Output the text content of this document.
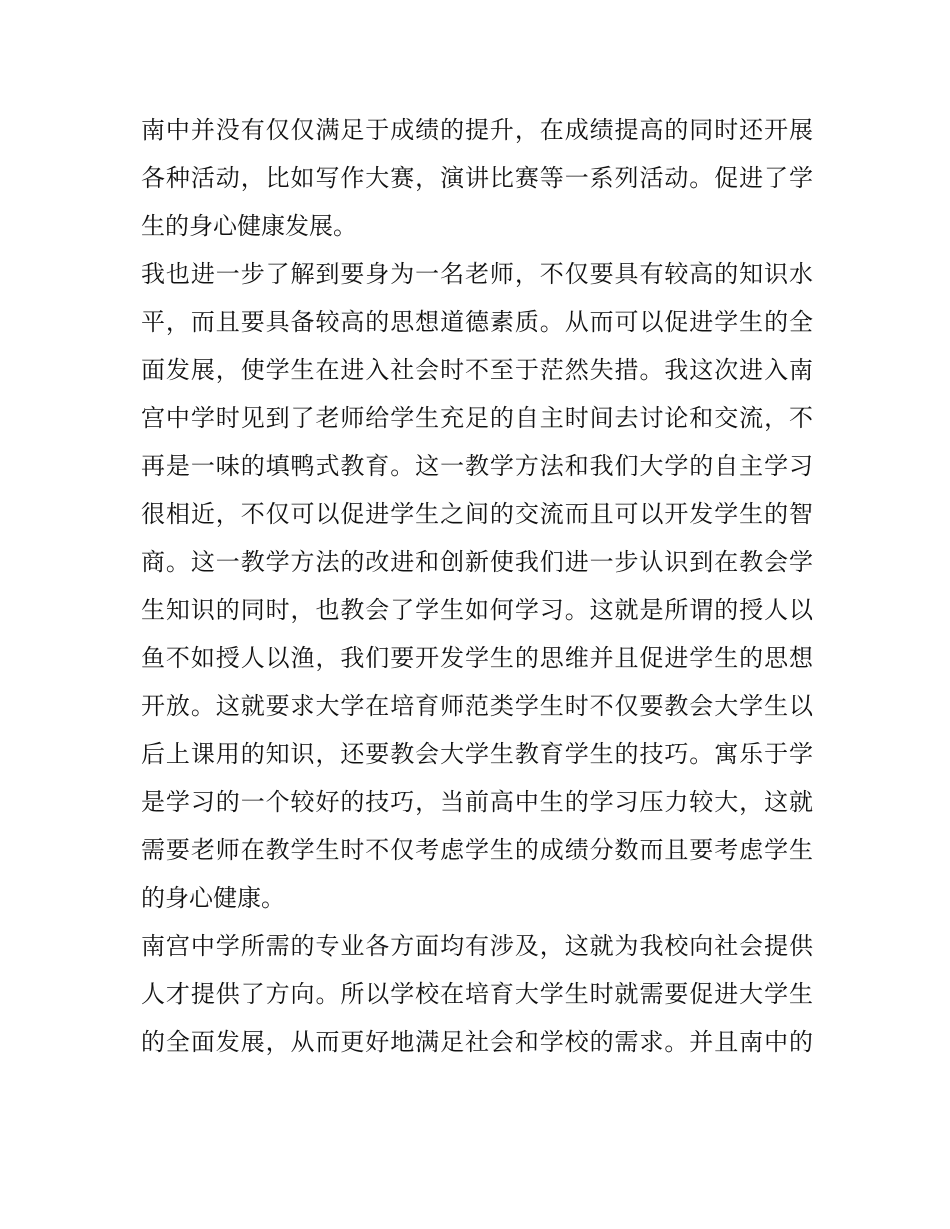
南中并没有仅仅满足于成绩的提升，在成绩提高的同时还开展
各种活动，比如写作大赛，演讲比赛等一系列活动。促进了学
生的身心健康发展。
我也进一步了解到要身为一名老师，不仅要具有较高的知识水
平，而且要具备较高的思想道德素质。从而可以促进学生的全
面发展，使学生在进入社会时不至于茫然失措。我这次进入南
宫中学时见到了老师给学生充足的自主时间去讨论和交流，不
再是一味的填鸭式教育。这一教学方法和我们大学的自主学习
很相近，不仅可以促进学生之间的交流而且可以开发学生的智
商。这一教学方法的改进和创新使我们进一步认识到在教会学
生知识的同时，也教会了学生如何学习。这就是所谓的授人以
鱼不如授人以渔，我们要开发学生的思维并且促进学生的思想
开放。这就要求大学在培育师范类学生时不仅要教会大学生以
后上课用的知识，还要教会大学生教育学生的技巧。寓乐于学
是学习的一个较好的技巧，当前高中生的学习压力较大，这就
需要老师在教学生时不仅考虑学生的成绩分数而且要考虑学生
的身心健康。
南宫中学所需的专业各方面均有涉及，这就为我校向社会提供
人才提供了方向。所以学校在培育大学生时就需要促进大学生
的全面发展，从而更好地满足社会和学校的需求。并且南中的
